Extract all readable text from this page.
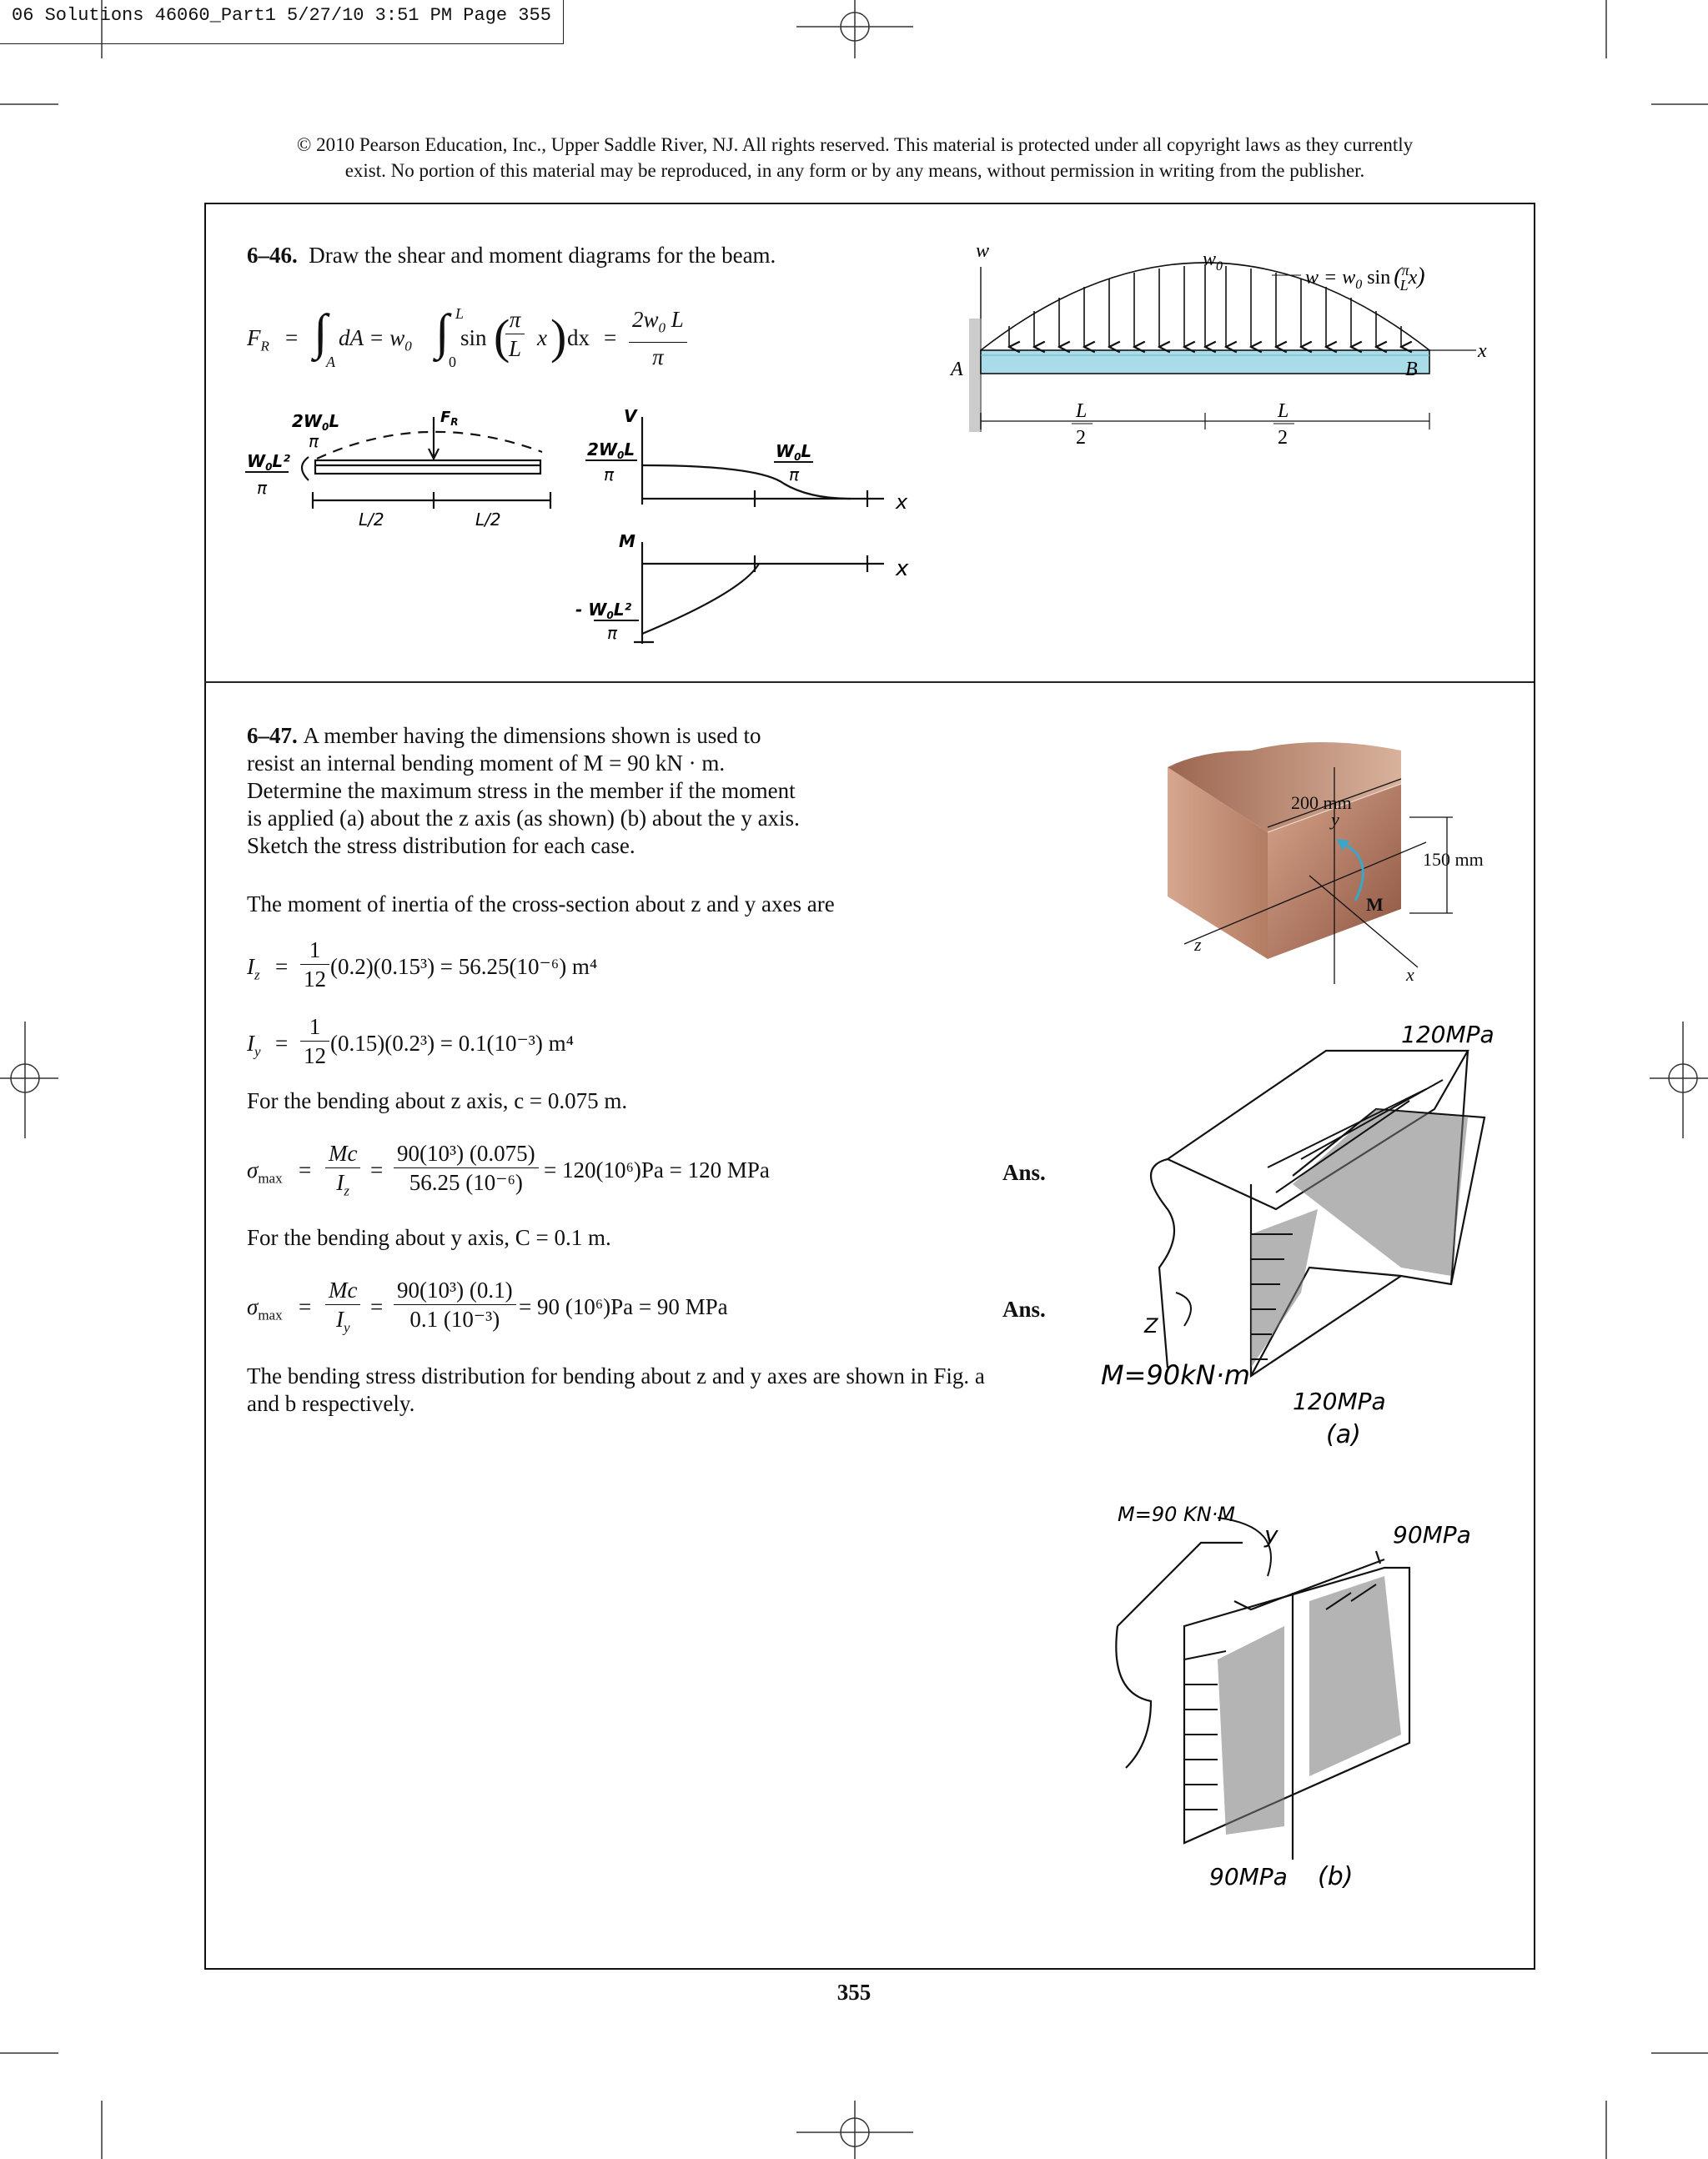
06 Solutions 46060_Part1 5/27/10 3:51 PM Page 355
© 2010 Pearson Education, Inc., Upper Saddle River, NJ. All rights reserved. This material is protected under all copyright laws as they currently
exist. No portion of this material may be reproduced, in any form or by any means, without permission in writing from the publisher.
6–46. Draw the shear and moment diagrams for the beam.
$F_R$ = ∫
A
dA = $w_0$ ∫ L
0
sin (
$\frac{\pi}{L}$ x ) dx = $\frac{2w_0 L}{\pi}$
w	$w_0$
$w = w_0$ sin ($^\pi$ Lx)
A	B
x
L
2
L
2
$2W_0L$
π
$F_R$
$W_0L^2$
π
L/2	L/2
V
$2W_0L$
π
$W_0L$
π
x
M
x
- $W_0L^2$
π
6–47. A member having the dimensions shown is used to
resist an internal bending moment of M = 90 kN · m.
Determine the maximum stress in the member if the moment
is applied (a) about the z axis (as shown) (b) about the y axis.
Sketch the stress distribution for each case.
The moment of inertia of the cross-section about z and y axes are
$I_z = \frac{1}{12} (0.2)(0.15^3) = 56.25(10^{-6})$ m⁴
$I_y = \frac{1}{12} (0.15)(0.2^3) = 0.1(10^{-3})$ m⁴
For the bending about z axis, c = 0.075 m.
$\sigma_{max} = \frac{Mc}{I_z} = \frac{\text{90(10³) (0.075)}}{\text{56.25 (10⁻⁶)}} = 120(10^6)Pa = 120$ MPa	Ans.
For the bending about y axis, C = 0.1 m.
$\sigma_{max} = \frac{Mc}{I_y} = \frac{\text{90(10³) (0.1)}}{\text{0.1 (10⁻³)}} = 90$ (10⁶)Pa = 90 MPa	Ans.
The bending stress distribution for bending about z and y axes are shown in Fig. a
and b respectively.
200 mm
y
150 mm
M
z
x
120MPa
Z
M=90kN·m
120MPa
(a)
M=90 KN·M
y	90MPa
90MPa (b)
355
